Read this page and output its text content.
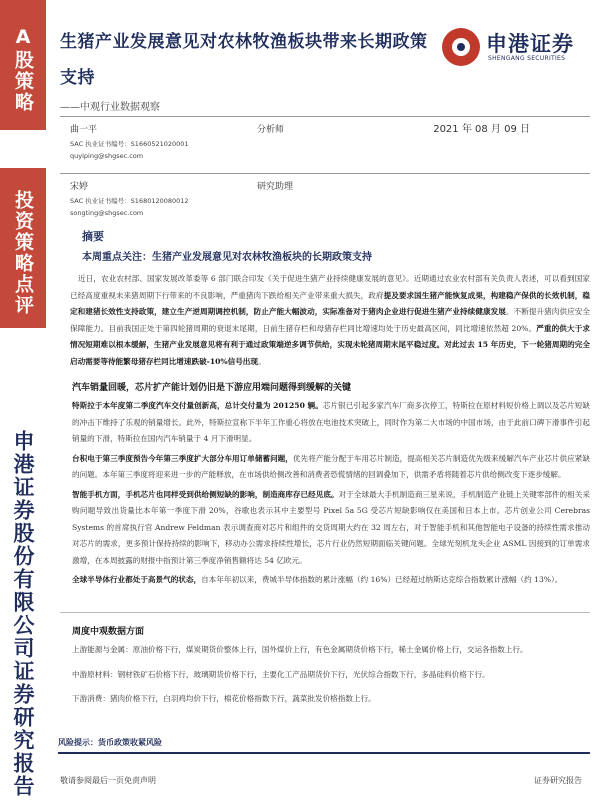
A股策略
投资策略点评
申港证券股份有限公司证券研究报告
生猪产业发展意见对农林牧渔板块带来长期政策支持
——中观行业数据观察
申港证券
SHENGANG SECURITIES
曲一平	分析师	2021 年 08 月 09 日
SAC 执业证书编号：S1660521020001
quyiping@shgsec.com
宋婷	研究助理
SAC 执业证书编号：S1680120080012
songting@shgsec.com
摘要
本周重点关注：生猪产业发展意见对农林牧渔板块的长期政策支持

近日，农业农村部、国家发展改革委等 6 部门联合印发《关于促进生猪产业持续健康发展的意见》。近期通过农业农村部有关负责人表述，可以看到国家已经高度重视未来猪周期下行带来的不良影响，严重猪肉下跌给相关产业带来重大损失，政府提及要求国生猪产能恢复成果，构建稳产保供的长效机制，稳定和建猪长效性支持政策，建立生产逆周期调控机制，防止产能大幅波动，实际准备对于猪肉企业进行促进生猪产业持续健康发展。不断提升猪肉供应安全保障能力。目前我国正处于第四轮猪周期的衰退末尾期，日前生猪存栏和母猪存栏同比增速均处于历史最高区间，同比增速依然超 20%。严重的供大于求情况短期难以根本缓解，生猪产业发展意见将有利于通过政策端逆多调节供给，实现未轮猪周期末尾平稳过度。对此过去 15 年历史，下一轮猪周期的完全启动需要等待能繁母猪存栏同比增速跌破-10%信号出现。

汽车销量回暖，芯片扩产能计划仍旧是下游应用端问题得到缓解的关键

特斯拉于本年度第二季度汽车交付量创新高，总计交付量为 201250 辆。芯片银已引起多家汽车厂商多次停工，特斯拉在原材料短价格上调以及芯片短缺的冲击下维持了乐观的销量增长。此外，特斯拉宣称下半年工作重心将放在电池技术突破上，同时作为第二大市场的中国市场，由于此前口碑下滑事件引起销量的下滑，特斯拉在国内汽车销量于 4 月下滑明显。

台积电于第三季度预告今年第三季度扩大部分车用订单储蓄问题，优先将产能分配于车用芯片制造，提高相关芯片制造优先级来缓解汽车产业芯片供应紧缺的问题。本年第三季度将迎来进一步的产能释放，在市场供给侧改善和消费者恐慌情绪的回调叠加下，供需矛盾将随着芯片供给侧改变下逐步缓解。

智能手机方面，手机芯片也同样受到供给侧短缺的影响，制造商库存已经见底。对于全球最大手机制造商三星来说，手机制造产业链上关键零部件的相关采购问题导致出货量比本年第一季度下滑 20%，谷歌也表示其中主要型号 Pixel 5a 5G 受芯片短缺影响仅在美国和日本上市。芯片创业公司 Cerebras Systems 的首席执行官 Andrew Feldman 表示调查商对芯片和组件的交货周期大约在 32 周左右，对于智能手机和其他智能电子设备的持续性需求推动对芯片的需求，更多预计保持持续的影响下，移动办公需求持续性增长，芯片行业仍然短期面临关键问题。全球光刻机龙头企业 ASML 因接到的订单需求激增，在本周披露的财报中指预计第三季度净销售额将达 54 亿欧元。

全球半导体行业都处于高景气的状态，自本年年初以来，费城半导体指数的累计涨幅（约 16%）已经超过纳斯达克综合指数累计涨幅（约 13%）。

周度中观数据方面

上游能源与金属：原油价格下行，煤炭期货价整体上行，国外煤价上行，有色金属期货价格下行，稀土金属价格上行，交运各指数上行。

中游原材料：钢材铁矿石价格下行，玻璃期货价格下行，主要化工产品期货价下行，光伏综合指数下行，多晶硅料价格下行。

下游消费：猪肉价格下行，白羽鸡均价下行，棉花价格指数下行，蔬菜批发价格指数上行。

风险提示：货币政策收紧风险
敬请参阅最后一页免责声明	证券研究报告
